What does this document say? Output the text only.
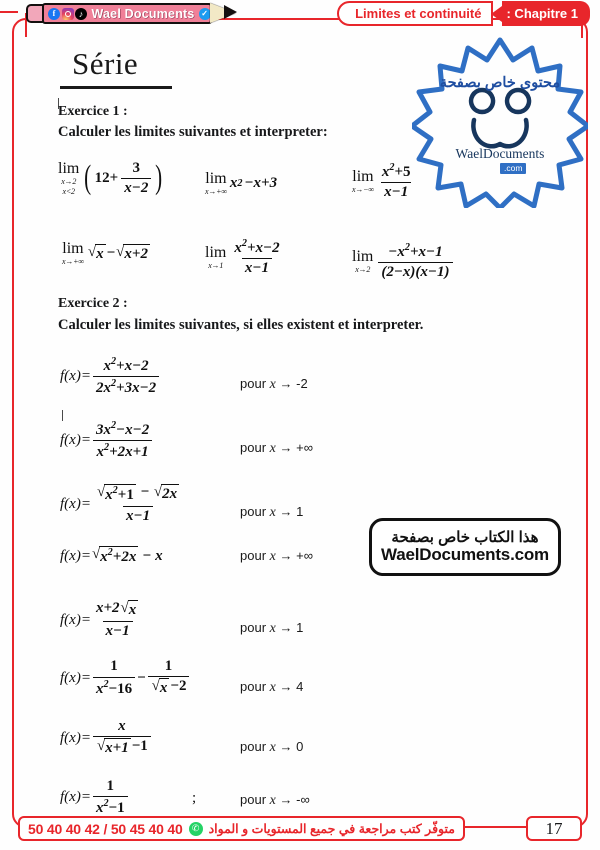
f	♪ Wael Documents ✓	Limites et continuité	: Chapitre 1
Série
Exercice 1 :
Calculer les limites suivantes et interpreter:
lim
x→2
x<2 ( $12+ \frac{3}{x-2}$ )	lim
x→+∞
x 2 −x+3	lim
$x\to-\infty \frac{x^2+5}{x-1}$
lim
x→+∞
√ x − √ x+2	lim
$x\to 1 \frac{x^2+x-2}{x-1}$	lim
$x\to 2 \frac{-x^2+x-1}{(2-x)(x-1)}$
Exercice 2 :
Calculer les limites suivantes, si elles existent et interpreter.
$f(x)= \frac{x^2+x-2}{2x^2+3x-2}$	pour x → -2
$f(x)= \frac{3x^2-x-2}{x^2+2x+1}$	pour x → +∞
$f(x)= \frac{√ x^2+1 - √ 2x}{x-1}$	pour x → 1
f(x)= √ $x^2+2x - x$	pour x → +∞
$f(x)= \frac{x+2 √ x}{x-1}$	pour x → 1
$f(x)= \frac{1}{x^2-16} - \frac{1}{√ x -2}$	pour x → 4
$f(x)= \frac{x}{√ x+1 -1}$	pour x → 0
$f(x)= \frac{1}{x^2-1}$	;	pour x → -∞
محتوى خاص بصفحة
WaelDocuments
.com
هذا الكتاب خاص بصفحة
WaelDocuments.com
50 40 40 42 / 50 45 40 40	✆ متوفّر كتب مراجعة في جميع المستويات و المواد	17
